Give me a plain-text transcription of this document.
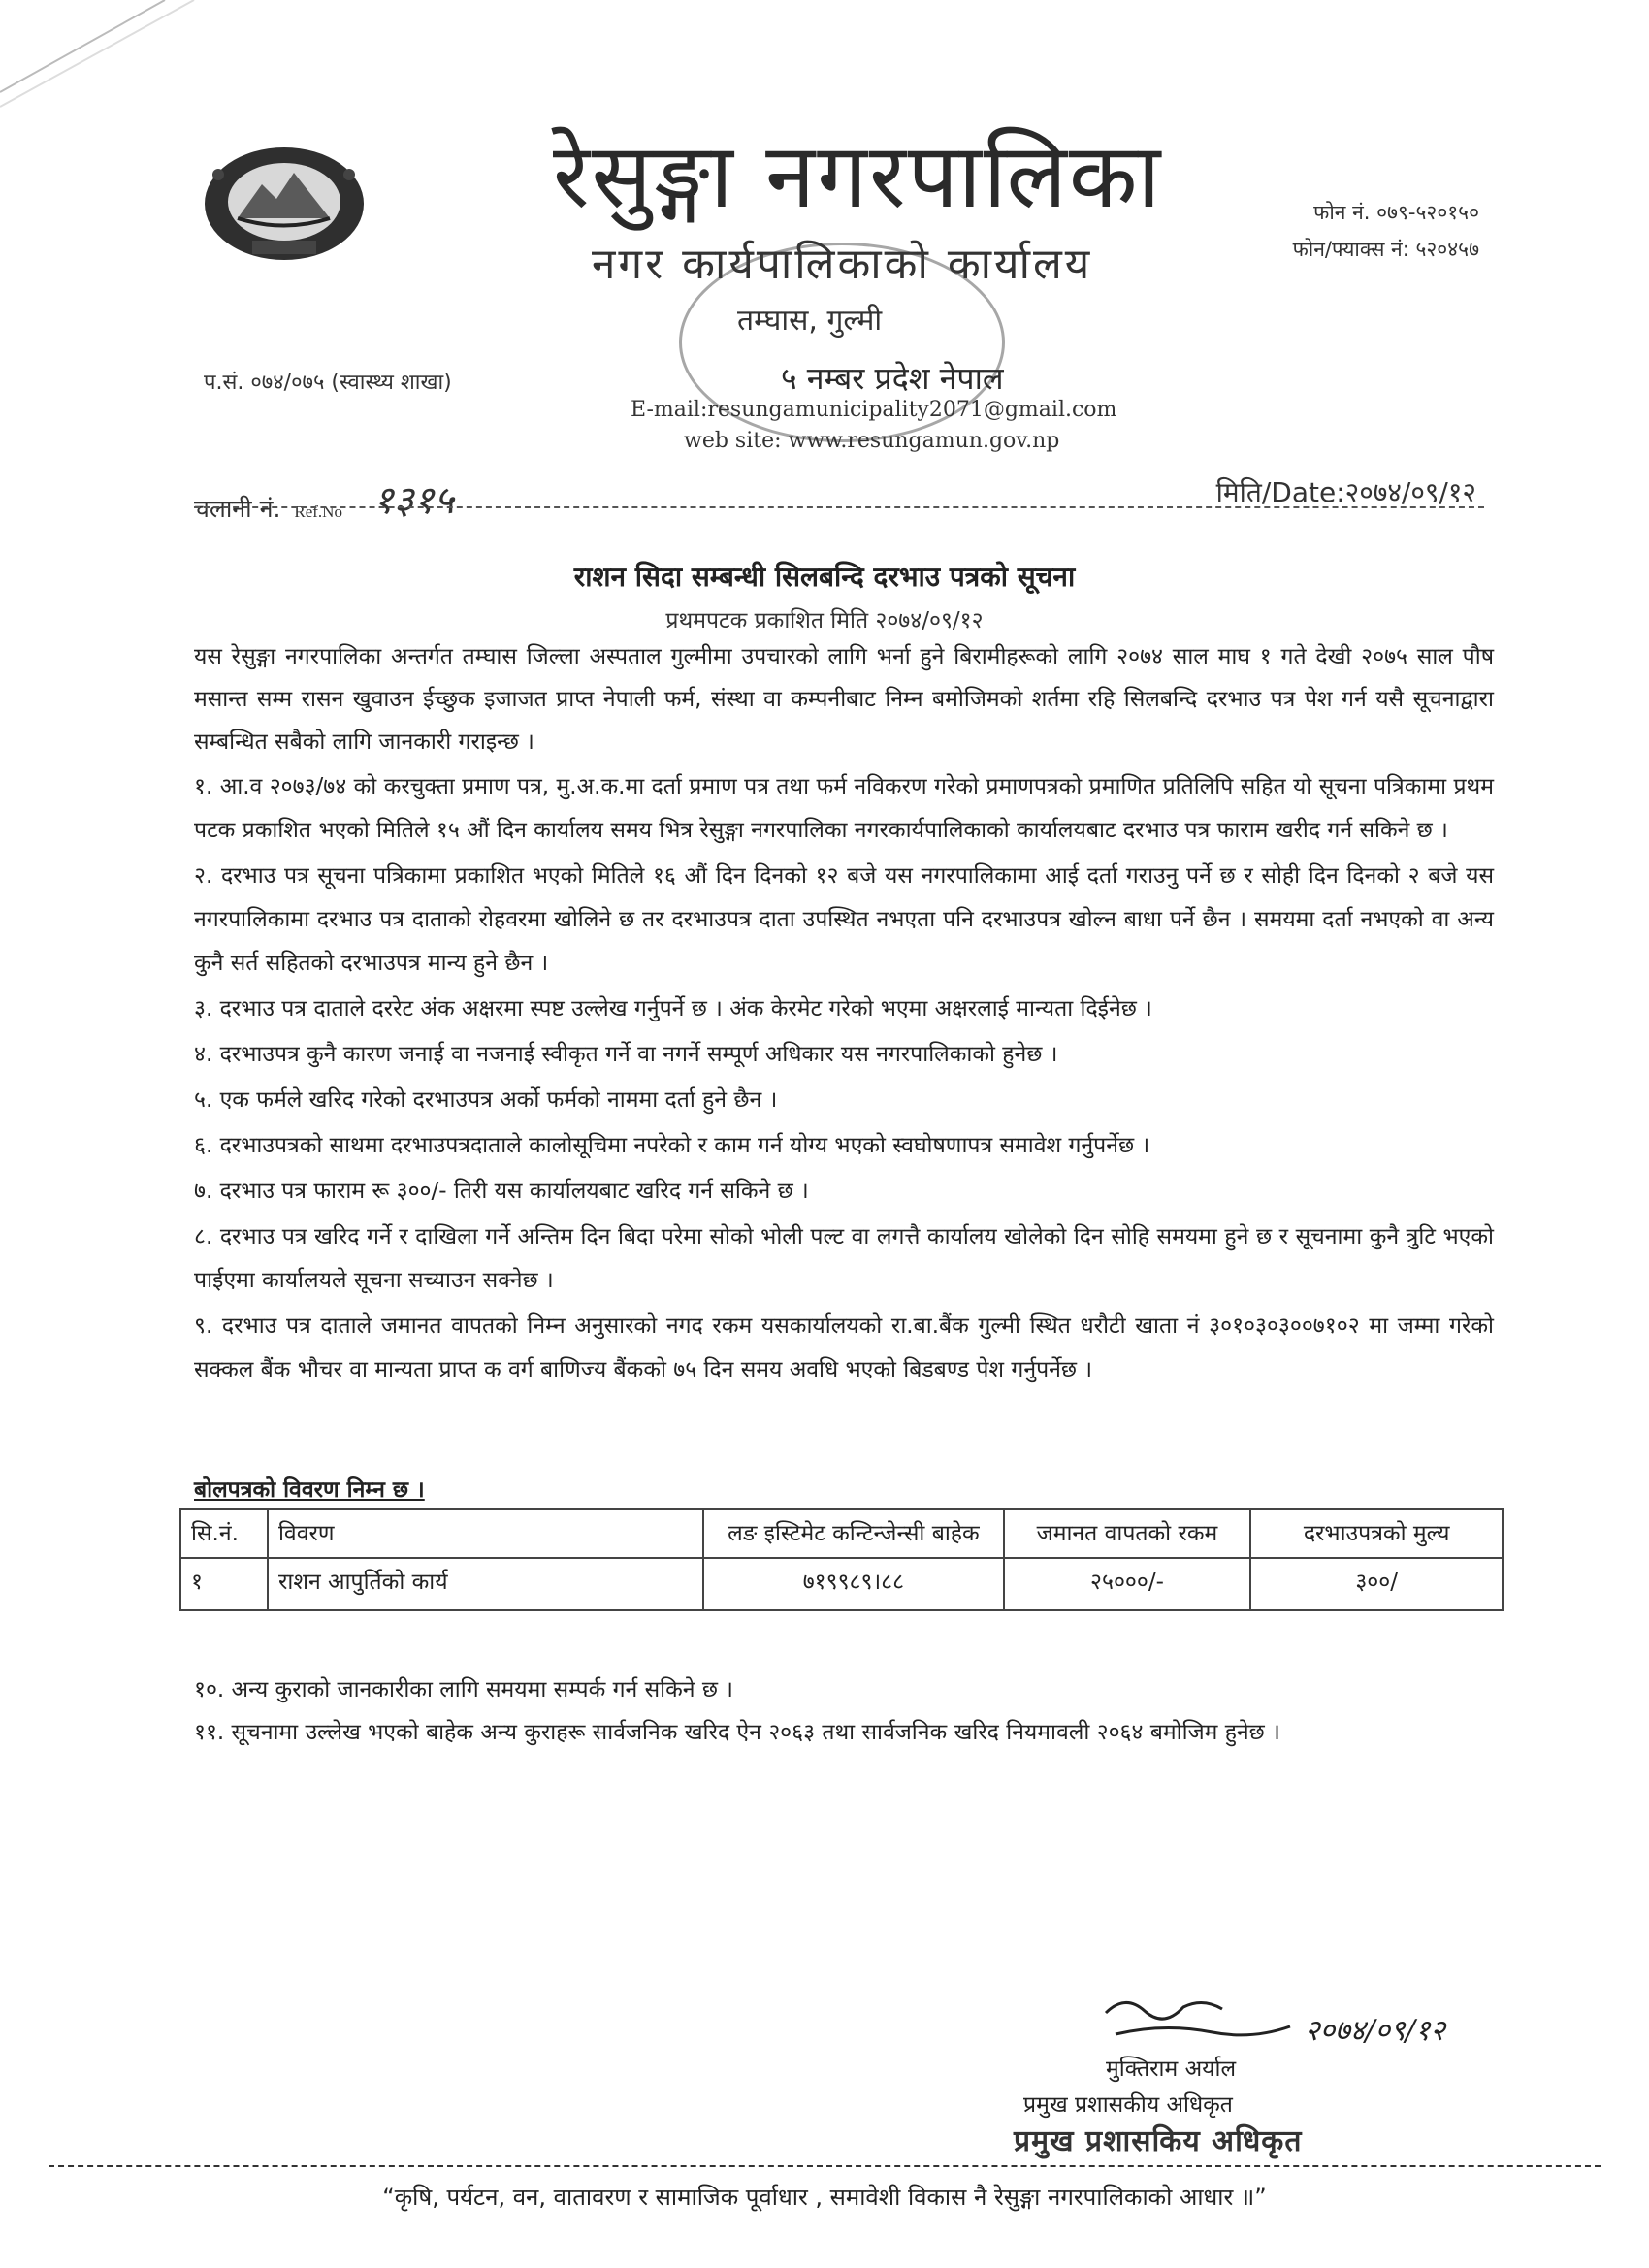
रेसुङ्गा नगरपालिका
नगर कार्यपालिकाको कार्यालय
फोन नं. ०७९-५२०१५०
फोन/फ्याक्स नं: ५२०४५७
तम्घास, गुल्मी
प.सं. ०७४/०७५ (स्वास्थ्य शाखा)	५ नम्बर प्रदेश नेपाल
E-mail:resungamunicipality2071@gmail.com
web site: www.resungamun.gov.np
चलानी नं. Ref.No १३१५	मिति/Date:२०७४/०९/१२
राशन सिदा सम्बन्धी सिलबन्दि दरभाउ पत्रको सूचना
प्रथमपटक प्रकाशित मिति २०७४/०९/१२

यस रेसुङ्गा नगरपालिका अन्तर्गत तम्घास जिल्ला अस्पताल गुल्मीमा उपचारको लागि भर्ना हुने बिरामीहरूको लागि २०७४ साल माघ १ गते देखी २०७५ साल पौष मसान्त सम्म रासन खुवाउन ईच्छुक इजाजत प्राप्त नेपाली फर्म, संस्था वा कम्पनीबाट निम्न बमोजिमको शर्तमा रहि सिलबन्दि दरभाउ पत्र पेश गर्न यसै सूचनाद्वारा सम्बन्धित सबैको लागि जानकारी गराइन्छ ।

१. आ.व २०७३/७४ को करचुक्ता प्रमाण पत्र, मु.अ.क.मा दर्ता प्रमाण पत्र तथा फर्म नविकरण गरेको प्रमाणपत्रको प्रमाणित प्रतिलिपि सहित यो सूचना पत्रिकामा प्रथम पटक प्रकाशित भएको मितिले १५ औं दिन कार्यालय समय भित्र रेसुङ्गा नगरपालिका नगरकार्यपालिकाको कार्यालयबाट दरभाउ पत्र फाराम खरीद गर्न सकिने छ ।

२. दरभाउ पत्र सूचना पत्रिकामा प्रकाशित भएको मितिले १६ औं दिन दिनको १२ बजे यस नगरपालिकामा आई दर्ता गराउनु पर्ने छ र सोही दिन दिनको २ बजे यस नगरपालिकामा दरभाउ पत्र दाताको रोहवरमा खोलिने छ तर दरभाउपत्र दाता उपस्थित नभएता पनि दरभाउपत्र खोल्न बाधा पर्ने छैन । समयमा दर्ता नभएको वा अन्य कुनै सर्त सहितको दरभाउपत्र मान्य हुने छैन ।

३. दरभाउ पत्र दाताले दररेट अंक अक्षरमा स्पष्ट उल्लेख गर्नुपर्ने छ । अंक केरमेट गरेको भएमा अक्षरलाई मान्यता दिईनेछ ।

४. दरभाउपत्र कुनै कारण जनाई वा नजनाई स्वीकृत गर्ने वा नगर्ने सम्पूर्ण अधिकार यस नगरपालिकाको हुनेछ ।

५. एक फर्मले खरिद गरेको दरभाउपत्र अर्को फर्मको नाममा दर्ता हुने छैन ।

६. दरभाउपत्रको साथमा दरभाउपत्रदाताले कालोसूचिमा नपरेको र काम गर्न योग्य भएको स्वघोषणापत्र समावेश गर्नुपर्नेछ ।

७. दरभाउ पत्र फाराम रू ३००/- तिरी यस कार्यालयबाट खरिद गर्न सकिने छ ।

८. दरभाउ पत्र खरिद गर्ने र दाखिला गर्ने अन्तिम दिन बिदा परेमा सोको भोली पल्ट वा लगत्तै कार्यालय खोलेको दिन सोहि समयमा हुने छ र सूचनामा कुनै त्रुटि भएको पाईएमा कार्यालयले सूचना सच्याउन सक्नेछ ।

९. दरभाउ पत्र दाताले जमानत वापतको निम्न अनुसारको नगद रकम यसकार्यालयको रा.बा.बैंक गुल्मी स्थित धरौटी खाता नं ३०१०३०३००७१०२ मा जम्मा गरेको सक्कल बैंक भौचर वा मान्यता प्राप्त क वर्ग बाणिज्य बैंकको ७५ दिन समय अवधि भएको बिडबण्ड पेश गर्नुपर्नेछ ।

बोलपत्रको विवरण निम्न छ ।
सि.नं.	विवरण	लङ इस्टिमेट कन्टिन्जेन्सी बाहेक	जमानत वापतको रकम	दरभाउपत्रको मुल्य
१	राशन आपुर्तिको कार्य	७१९९८९।८८	२५०००/-	३००/

१०. अन्य कुराको जानकारीका लागि समयमा सम्पर्क गर्न सकिने छ ।

११. सूचनामा उल्लेख भएको बाहेक अन्य कुराहरू सार्वजनिक खरिद ऐन २०६३ तथा सार्वजनिक खरिद नियमावली २०६४ बमोजिम हुनेछ ।

२०७४/०९/१२
मुक्तिराम अर्याल
प्रमुख प्रशासकीय अधिकृत
प्रमुख प्रशासकिय अधिकृत
“कृषि, पर्यटन, वन, वातावरण र सामाजिक पूर्वाधार , समावेशी विकास नै रेसुङ्गा नगरपालिकाको आधार ॥”
